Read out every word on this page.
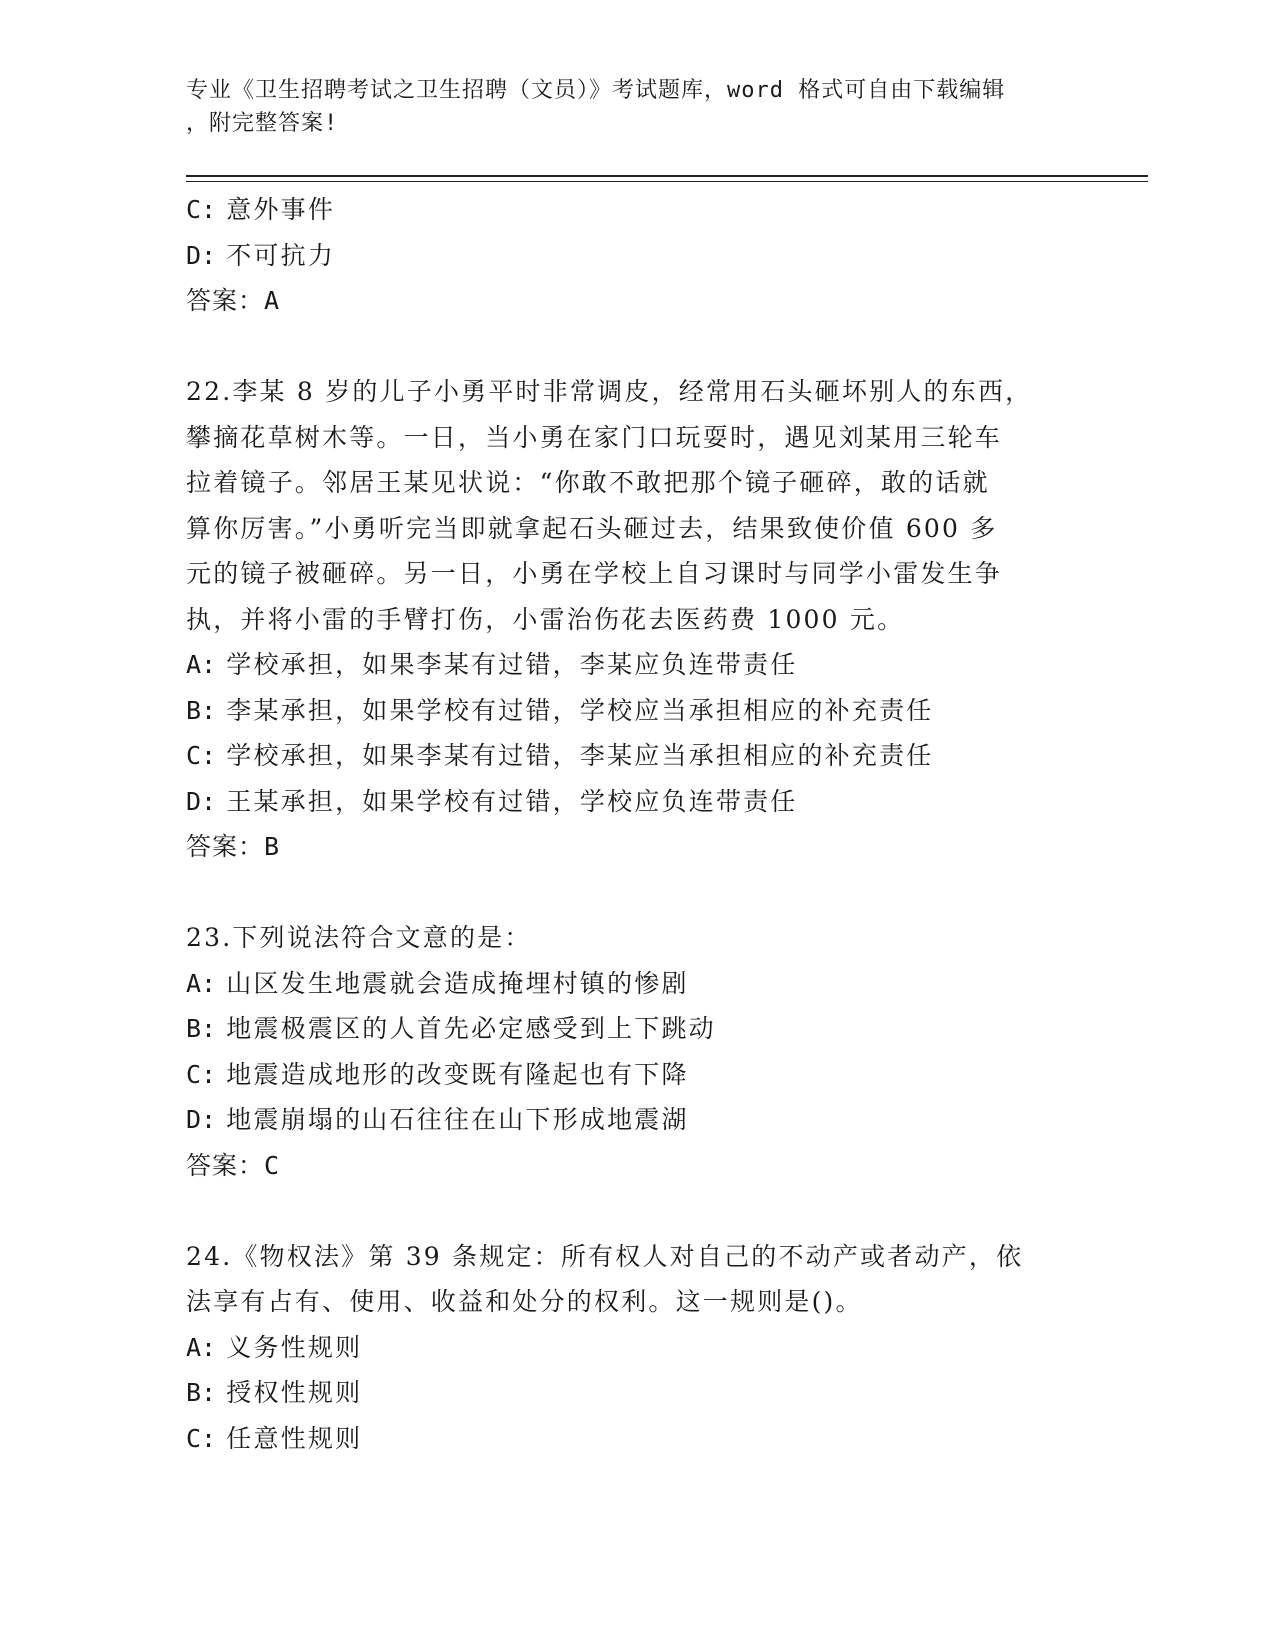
专业《卫生招聘考试之卫生招聘（文员）》考试题库，word 格式可自由下载编辑
，附完整答案!
C: 意外事件
D: 不可抗力
答案：A
22.李某 8 岁的儿子小勇平时非常调皮，经常用石头砸坏别人的东西，
攀摘花草树木等。一日，当小勇在家门口玩耍时，遇见刘某用三轮车
拉着镜子。邻居王某见状说：“你敢不敢把那个镜子砸碎，敢的话就
算你厉害。”小勇听完当即就拿起石头砸过去，结果致使价值 600 多
元的镜子被砸碎。另一日，小勇在学校上自习课时与同学小雷发生争
执，并将小雷的手臂打伤，小雷治伤花去医药费 1000 元。
A: 学校承担，如果李某有过错，李某应负连带责任
B: 李某承担，如果学校有过错，学校应当承担相应的补充责任
C: 学校承担，如果李某有过错，李某应当承担相应的补充责任
D: 王某承担，如果学校有过错，学校应负连带责任
答案：B
23.下列说法符合文意的是：
A: 山区发生地震就会造成掩埋村镇的惨剧
B: 地震极震区的人首先必定感受到上下跳动
C: 地震造成地形的改变既有隆起也有下降
D: 地震崩塌的山石往往在山下形成地震湖
答案：C
24.《物权法》第 39 条规定：所有权人对自己的不动产或者动产，依
法享有占有、使用、收益和处分的权利。这一规则是()。
A: 义务性规则
B: 授权性规则
C: 任意性规则
